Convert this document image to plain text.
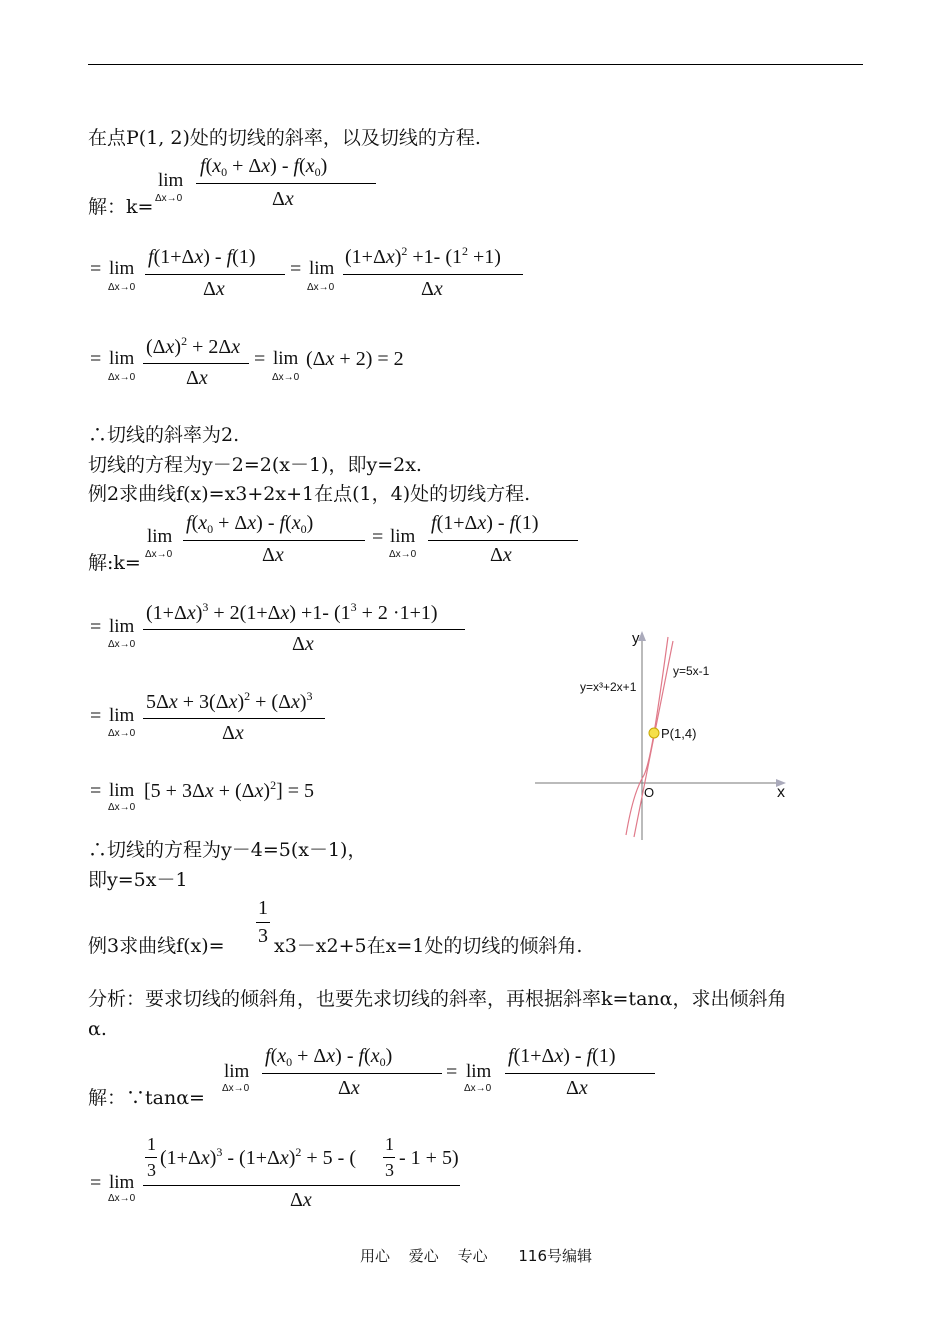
在点P(1, 2)处的切线的斜率，以及切线的方程.
解：k=
lim
Δx→0
$f(x_0 + \Delta x) - f(x_0)$
Δx
= lim
Δx→0
f(1+Δx) - f(1)
Δx
= lim
Δx→0
$(1+\Delta x)^2 +1-$ $(1^2 +1)$
Δx
= lim
Δx→0
$(\Delta x)^2 + 2\Delta x$
Δx
= lim
Δx→0
(Δx + 2) = 2
∴切线的斜率为2.
切线的方程为y－2=2(x－1)，即y=2x.
例2求曲线f(x)=x3+2x+1在点(1，4)处的切线方程.
解:k=
lim
Δx→0
$f(x_0 + \Delta x) - f(x_0)$
Δx
= lim
Δx→0
f(1+Δx) - f(1)
Δx
= lim
Δx→0
$(1+\Delta x)^3 + 2(1+\Delta x) +1-$ $(1^3 + 2 \cdot 1+1)$
Δx
= lim
Δx→0
$5\Delta x + 3(\Delta x)^2 + (\Delta x)^3$
Δx
= lim
Δx→0
$[5 + 3\Delta x + (\Delta x)^2] = 5$
y
x
O
y=x³+2x+1
y=5x-1
P(1,4)
∴切线的方程为y－4=5(x－1)，
即y=5x－1
例3求曲线f(x)=
1
3 x3－x2+5在x=1处的切线的倾斜角.
分析：要求切线的倾斜角，也要先求切线的斜率，再根据斜率k=tanα，求出倾斜角
α.
解：∵tanα=
lim
Δx→0
$f(x_0 + \Delta x) - f(x_0)$
Δx
= lim
Δx→0
f(1+Δx) - f(1)
Δx
= lim
Δx→0
1
3
$(1+\Delta x)^3 - (1+\Delta x)^2 + 5$ - (
1
3
- 1 + 5)
Δx
用心 爱心 专心 116号编辑
